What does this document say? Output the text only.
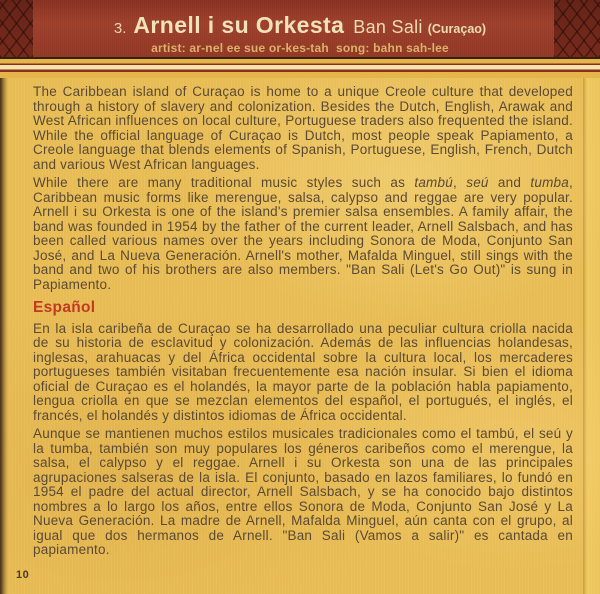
3. Arnell i su Orkesta Ban Sali (Curaçao)
artist: ar-nel ee sue or-kes-tah  song: bahn sah-lee

The Caribbean island of Curaçao is home to a unique Creole culture that developed through a history of slavery and colonization. Besides the Dutch, English, Arawak and West African influences on local culture, Portuguese traders also frequented the island. While the official language of Curaçao is Dutch, most people speak Papiamento, a Creole language that blends elements of Spanish, Portuguese, English, French, Dutch and various West African languages.

While there are many traditional music styles such as tambú, seú and tumba, Caribbean music forms like merengue, salsa, calypso and reggae are very popular. Arnell i su Orkesta is one of the island's premier salsa ensembles. A family affair, the band was founded in 1954 by the father of the current leader, Arnell Salsbach, and has been called various names over the years including Sonora de Moda, Conjunto San José, and La Nueva Generación. Arnell's mother, Mafalda Minguel, still sings with the band and two of his brothers are also members. "Ban Sali (Let's Go Out)" is sung in Papiamento.

Español

En la isla caribeña de Curaçao se ha desarrollado una peculiar cultura criolla nacida de su historia de esclavitud y colonización. Además de las influencias holandesas, inglesas, arahuacas y del África occidental sobre la cultura local, los mercaderes portugueses también visitaban frecuentemente esa nación insular. Si bien el idioma oficial de Curaçao es el holandés, la mayor parte de la población habla papiamento, lengua criolla en que se mezclan elementos del español, el portugués, el inglés, el francés, el holandés y distintos idiomas de África occidental.

Aunque se mantienen muchos estilos musicales tradicionales como el tambú, el seú y la tumba, también son muy populares los géneros caribeños como el merengue, la salsa, el calypso y el reggae. Arnell i su Orkesta son una de las principales agrupaciones salseras de la isla. El conjunto, basado en lazos familiares, lo fundó en 1954 el padre del actual director, Arnell Salsbach, y se ha conocido bajo distintos nombres a lo largo los años, entre ellos Sonora de Moda, Conjunto San José y La Nueva Generación. La madre de Arnell, Mafalda Minguel, aún canta con el grupo, al igual que dos hermanos de Arnell. "Ban Sali (Vamos a salir)" es cantada en papiamento.

10
